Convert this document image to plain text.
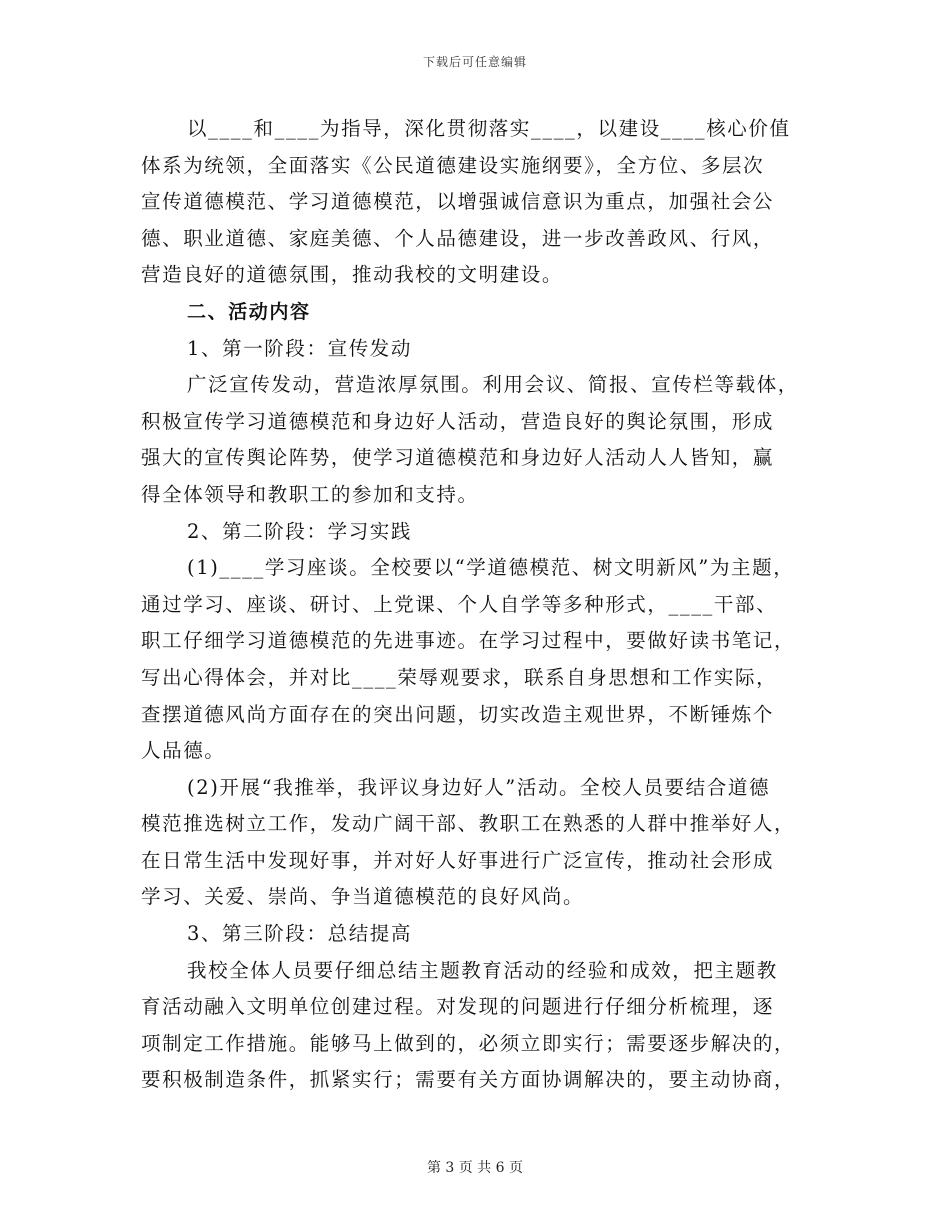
下载后可任意编辑
以____和____为指导，深化贯彻落实____，以建设____核心价值
体系为统领，全面落实《公民道德建设实施纲要》，全方位、多层次
宣传道德模范、学习道德模范，以增强诚信意识为重点，加强社会公
德、职业道德、家庭美德、个人品德建设，进一步改善政风、行风，
营造良好的道德氛围，推动我校的文明建设。
二、活动内容
1、第一阶段：宣传发动
广泛宣传发动，营造浓厚氛围。利用会议、简报、宣传栏等载体，
积极宣传学习道德模范和身边好人活动，营造良好的舆论氛围，形成
强大的宣传舆论阵势，使学习道德模范和身边好人活动人人皆知，赢
得全体领导和教职工的参加和支持。
2、第二阶段：学习实践
(1)____学习座谈。全校要以“学道德模范、树文明新风”为主题，
通过学习、座谈、研讨、上党课、个人自学等多种形式，____干部、
职工仔细学习道德模范的先进事迹。在学习过程中，要做好读书笔记，
写出心得体会，并对比____荣辱观要求，联系自身思想和工作实际，
查摆道德风尚方面存在的突出问题，切实改造主观世界，不断锤炼个
人品德。
(2)开展“我推举，我评议身边好人”活动。全校人员要结合道德
模范推选树立工作，发动广阔干部、教职工在熟悉的人群中推举好人，
在日常生活中发现好事，并对好人好事进行广泛宣传，推动社会形成
学习、关爱、崇尚、争当道德模范的良好风尚。
3、第三阶段：总结提高
我校全体人员要仔细总结主题教育活动的经验和成效，把主题教
育活动融入文明单位创建过程。对发现的问题进行仔细分析梳理，逐
项制定工作措施。能够马上做到的，必须立即实行；需要逐步解决的，
要积极制造条件，抓紧实行；需要有关方面协调解决的，要主动协商，
第 3 页 共 6 页
